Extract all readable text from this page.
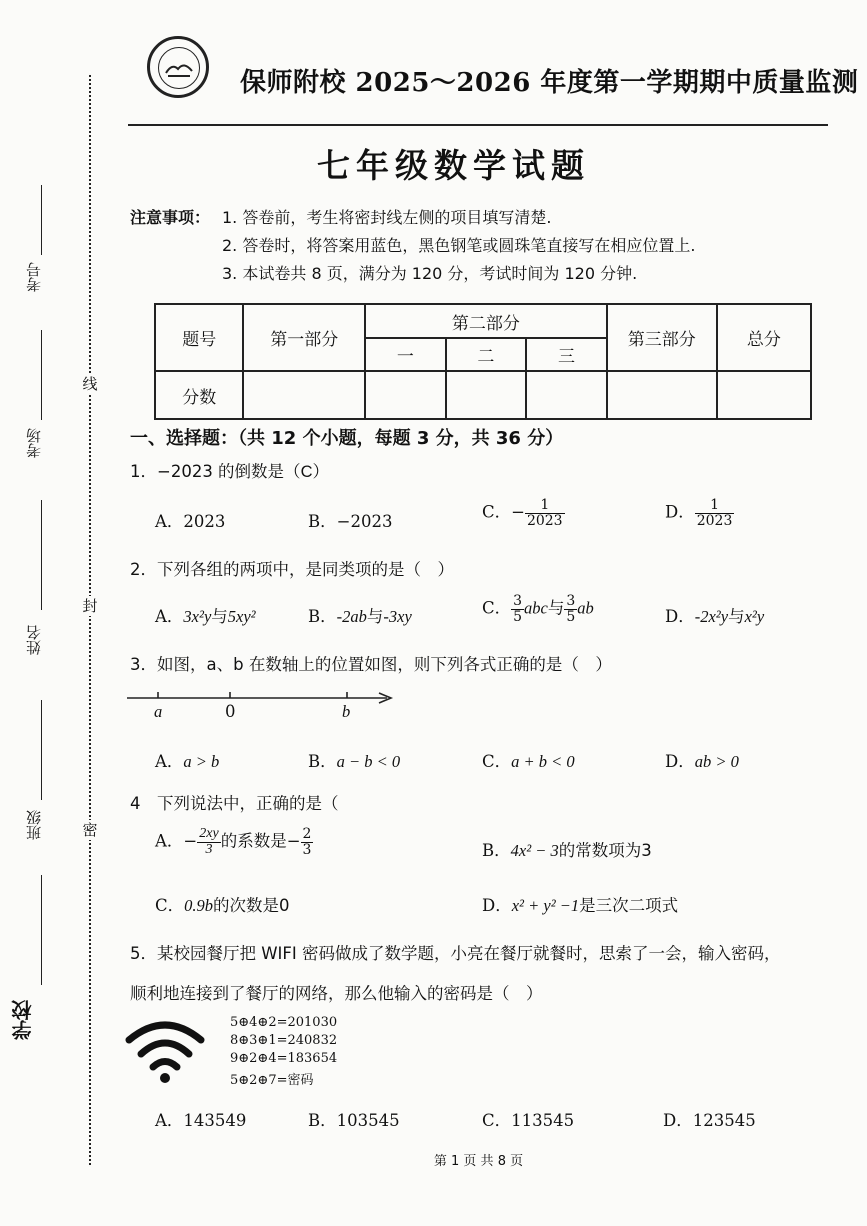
线
封
密
考号
考场
姓名
班级
学校
保师附校 2025～2026 年度第一学期期中质量监测
七年级数学试题
注意事项： 1. 答卷前，考生将密封线左侧的项目填写清楚.
2. 答卷时，将答案用蓝色，黑色钢笔或圆珠笔直接写在相应位置上.
3. 本试卷共 8 页，满分为 120 分，考试时间为 120 分钟.
题号	第一部分	第二部分			第三部分	总分
		一	二	三		
分数						
一、选择题：（共 12 个小题，每题 3 分，共 36 分）
1．−2023 的倒数是（C）
A．2023	B．−2023	C．− $\frac{1}{2023}$	D． $\frac{1}{2023}$
2．下列各组的两项中，是同类项的是（　）
A．3x²y与5xy²	B．-2ab与-3xy	C． $\frac{3}{5}$ abc与 $\frac{3}{5}$ ab	D．-2x²y与x²y
3．如图，a、b 在数轴上的位置如图，则下列各式正确的是（　）
a	0	b
A．a > b	B．a − b < 0	C．a + b < 0	D．ab > 0
4　下列说法中，正确的是（
A．− $\frac{2xy}{3}$ 的系数是− $\frac{2}{3}$	B．4x² − 3的常数项为3
C．0.9b的次数是0	D．x² + y² −1是三次二项式
5．某校园餐厅把 WIFI 密码做成了数学题，小亮在餐厅就餐时，思索了一会，输入密码，
顺利地连接到了餐厅的网络，那么他输入的密码是（　）
5⊕4⊕2=201030
8⊕3⊕1=240832
9⊕2⊕4=183654
5⊕2⊕7=密码
A．143549	B．103545	C．113545	D．123545
第 1 页 共 8 页
